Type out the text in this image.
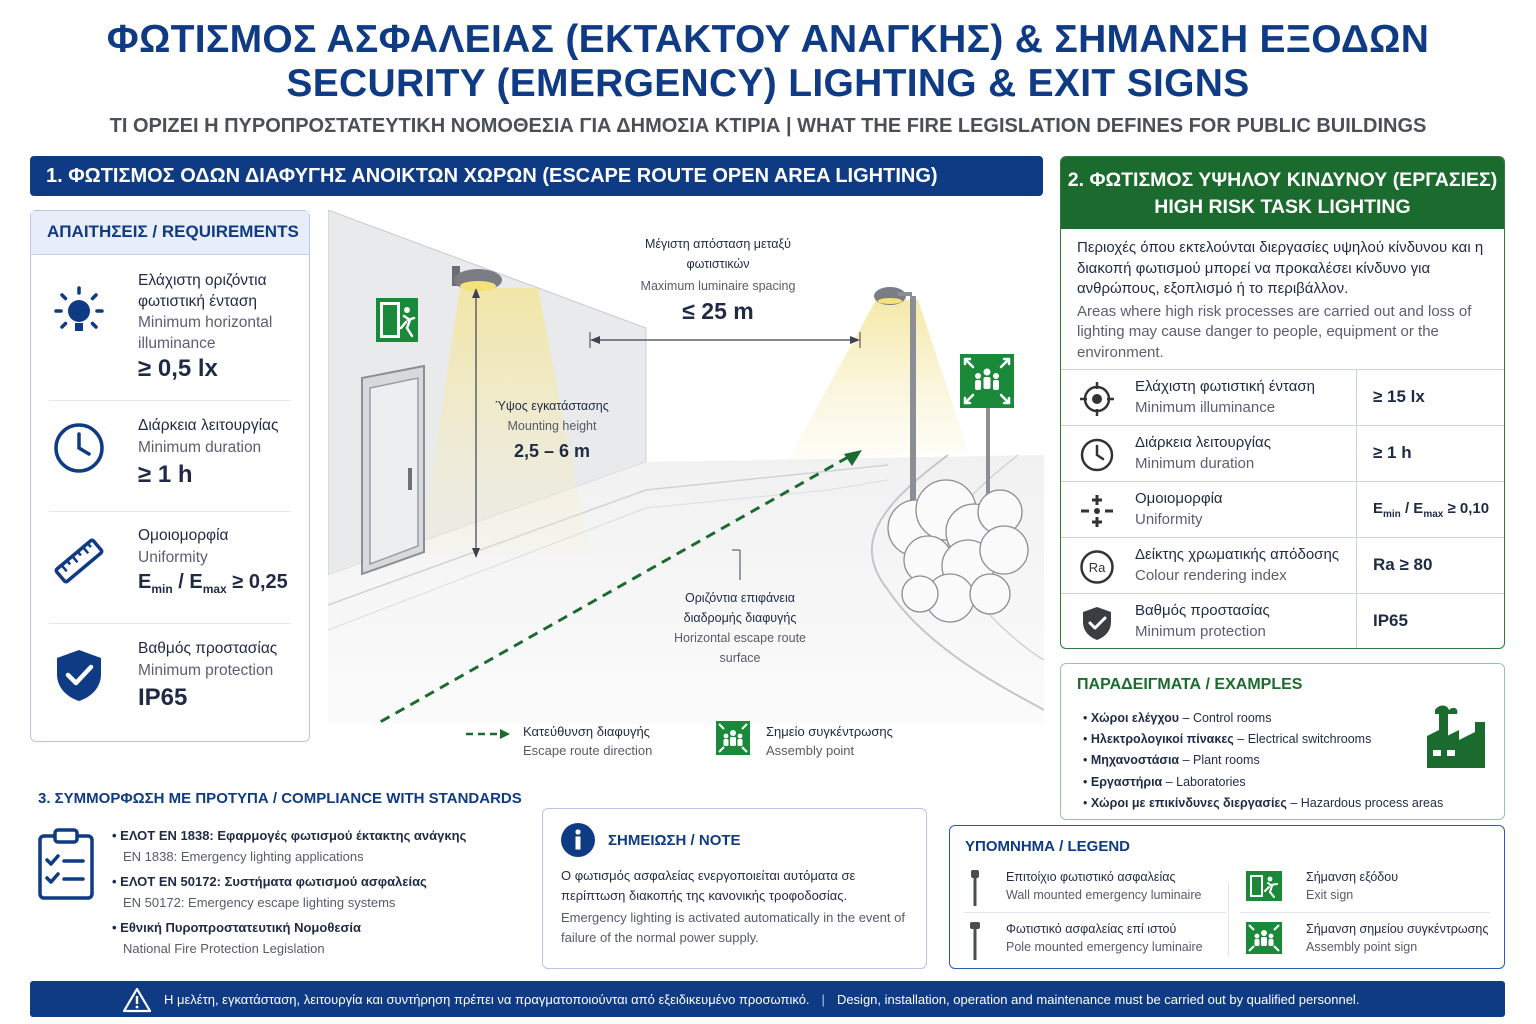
ΦΩΤΙΣΜΟΣ ΑΣΦΑΛΕΙΑΣ (ΕΚΤΑΚΤΟΥ ΑΝΑΓΚΗΣ) & ΣΗΜΑΝΣΗ ΕΞΟΔΩΝ
SECURITY (EMERGENCY) LIGHTING & EXIT SIGNS
ΤΙ ΟΡΙΖΕΙ Η ΠΥΡΟΠΡΟΣΤΑΤΕΥΤΙΚΗ ΝΟΜΟΘΕΣΙΑ ΓΙΑ ΔΗΜΟΣΙΑ ΚΤΙΡΙΑ | WHAT THE FIRE LEGISLATION DEFINES FOR PUBLIC BUILDINGS
1. ΦΩΤΙΣΜΟΣ ΟΔΩΝ ΔΙΑΦΥΓΗΣ ΑΝΟΙΚΤΩΝ ΧΩΡΩΝ (ESCAPE ROUTE OPEN AREA LIGHTING)
ΑΠΑΙΤΗΣΕΙΣ / REQUIREMENTS
Ελάχιστη οριζόντια φωτιστική ένταση
Minimum horizontal illuminance
≥ 0,5 lx
Διάρκεια λειτουργίας
Minimum duration
≥ 1 h
Ομοιομορφία
Uniformity
$E_{min} / E_{max} \ge 0,25$
Βαθμός προστασίας
Minimum protection
IP65
Μέγιστη απόσταση μεταξύ φωτιστικών
Maximum luminaire spacing
≤ 25 m
Ύψος εγκατάστασης
Mounting height
2,5 – 6 m
Οριζόντια επιφάνεια διαδρομής διαφυγής
Horizontal escape route surface
Κατεύθυνση διαφυγής
Escape route direction
Σημείο συγκέντρωσης
Assembly point
2. ΦΩΤΙΣΜΟΣ ΥΨΗΛΟΥ ΚΙΝΔΥΝΟΥ (ΕΡΓΑΣΙΕΣ)
HIGH RISK TASK LIGHTING
Περιοχές όπου εκτελούνται διεργασίες υψηλού κίνδυνου και η διακοπή φωτισμού μπορεί να προκαλέσει κίνδυνο για ανθρώπους, εξοπλισμό ή το περιβάλλον.
Areas where high risk processes are carried out and loss of lighting may cause danger to people, equipment or the environment.
Ελάχιστη φωτιστική ένταση
Minimum illuminance
≥ 15 lx
Διάρκεια λειτουργίας
Minimum duration
≥ 1 h
Ομοιομορφία
Uniformity
$E_{min} / E_{max} \ge 0,10$
Ra
Δείκτης χρωματικής απόδοσης
Colour rendering index
Ra ≥ 80
Βαθμός προστασίας
Minimum protection
IP65
ΠΑΡΑΔΕΙΓΜΑΤΑ / EXAMPLES
• Χώροι ελέγχου – Control rooms
• Ηλεκτρολογικοί πίνακες – Electrical switchrooms
• Μηχανοστάσια – Plant rooms
• Εργαστήρια – Laboratories
• Χώροι με επικίνδυνες διεργασίες – Hazardous process areas
3. ΣΥΜΜΟΡΦΩΣΗ ΜΕ ΠΡΟΤΥΠΑ / COMPLIANCE WITH STANDARDS
• ΕΛΟΤ EN 1838: Εφαρμογές φωτισμού έκτακτης ανάγκης
EN 1838: Emergency lighting applications
• ΕΛΟΤ EN 50172: Συστήματα φωτισμού ασφαλείας
EN 50172: Emergency escape lighting systems
• Εθνική Πυροπροστατευτική Νομοθεσία
National Fire Protection Legislation
ΣΗΜΕΙΩΣΗ / NOTE
Ο φωτισμός ασφαλείας ενεργοποιείται αυτόματα σε περίπτωση διακοπής της κανονικής τροφοδοσίας.
Emergency lighting is activated automatically in the event of failure of the normal power supply.
ΥΠΟΜΝΗΜΑ / LEGEND
Επιτοίχιο φωτιστικό ασφαλείας
Wall mounted emergency luminaire
Σήμανση εξόδου
Exit sign
Φωτιστικό ασφαλείας επί ιστού
Pole mounted emergency luminaire
Σήμανση σημείου συγκέντρωσης
Assembly point sign
Η μελέτη, εγκατάσταση, λειτουργία και συντήρηση πρέπει να πραγματοποιούνται από εξειδικευμένο προσωπικό. | Design, installation, operation and maintenance must be carried out by qualified personnel.
